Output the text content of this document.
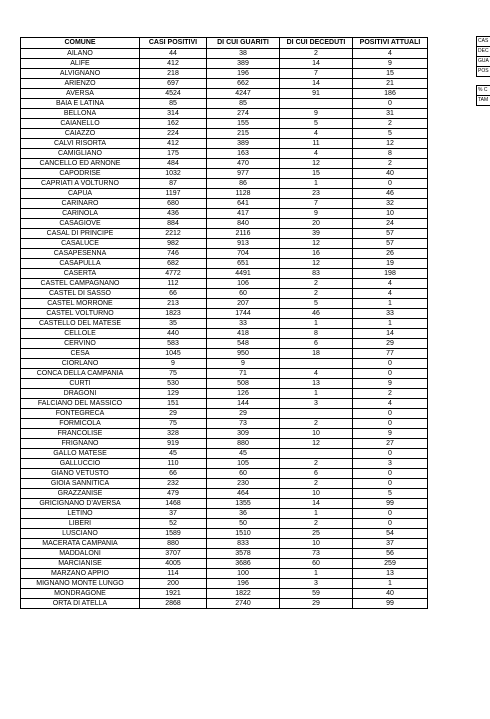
COMUNE	CASI POSITIVI	DI CUI GUARITI	DI CUI DECEDUTI	POSITIVI ATTUALI
AILANO	44	38	2	4
ALIFE	412	389	14	9
ALVIGNANO	218	196	7	15
ARIENZO	697	662	14	21
AVERSA	4524	4247	91	186
BAIA E LATINA	85	85		0
BELLONA	314	274	9	31
CAIANELLO	162	155	5	2
CAIAZZO	224	215	4	5
CALVI RISORTA	412	389	11	12
CAMIGLIANO	175	163	4	8
CANCELLO ED ARNONE	484	470	12	2
CAPODRISE	1032	977	15	40
CAPRIATI A VOLTURNO	87	86	1	0
CAPUA	1197	1128	23	46
CARINARO	680	641	7	32
CARINOLA	436	417	9	10
CASAGIOVE	884	840	20	24
CASAL DI PRINCIPE	2212	2116	39	57
CASALUCE	982	913	12	57
CASAPESENNA	746	704	16	26
CASAPULLA	682	651	12	19
CASERTA	4772	4491	83	198
CASTEL CAMPAGNANO	112	106	2	4
CASTEL DI SASSO	66	60	2	4
CASTEL MORRONE	213	207	5	1
CASTEL VOLTURNO	1823	1744	46	33
CASTELLO DEL MATESE	35	33	1	1
CELLOLE	440	418	8	14
CERVINO	583	548	6	29
CESA	1045	950	18	77
CIORLANO	9	9		0
CONCA DELLA CAMPANIA	75	71	4	0
CURTI	530	508	13	9
DRAGONI	129	126	1	2
FALCIANO DEL MASSICO	151	144	3	4
FONTEGRECA	29	29		0
FORMICOLA	75	73	2	0
FRANCOLISE	328	309	10	9
FRIGNANO	919	880	12	27
GALLO MATESE	45	45		0
GALLUCCIO	110	105	2	3
GIANO VETUSTO	66	60	6	0
GIOIA SANNITICA	232	230	2	0
GRAZZANISE	479	464	10	5
GRICIGNANO D'AVERSA	1468	1355	14	99
LETINO	37	36	1	0
LIBERI	52	50	2	0
LUSCIANO	1589	1510	25	54
MACERATA CAMPANIA	880	833	10	37
MADDALONI	3707	3578	73	56
MARCIANISE	4005	3686	60	259
MARZANO APPIO	114	100	1	13
MIGNANO MONTE LUNGO	200	196	3	1
MONDRAGONE	1921	1822	59	40
ORTA DI ATELLA	2868	2740	29	99
CAS
DEC
GUA
POS
% C
TAM
